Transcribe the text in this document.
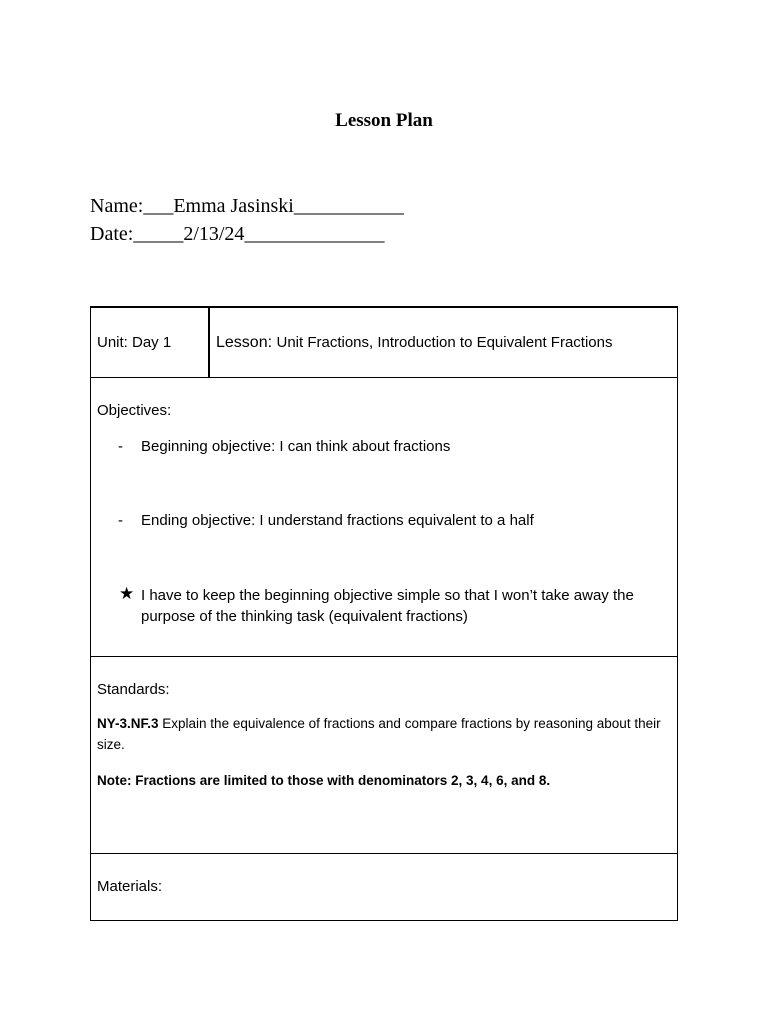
Lesson Plan
Name:___Emma Jasinski___________
Date:_____2/13/24______________
Unit: Day 1	Lesson: Unit Fractions, Introduction to Equivalent Fractions

Objectives:
- Beginning objective: I can think about fractions
- Ending objective: I understand fractions equivalent to a half
★ I have to keep the beginning objective simple so that I won’t take away the purpose of the thinking task (equivalent fractions)

Standards:

NY-3.NF.3 Explain the equivalence of fractions and compare fractions by reasoning about their size.

Note: Fractions are limited to those with denominators 2, 3, 4, 6, and 8.

Materials:
